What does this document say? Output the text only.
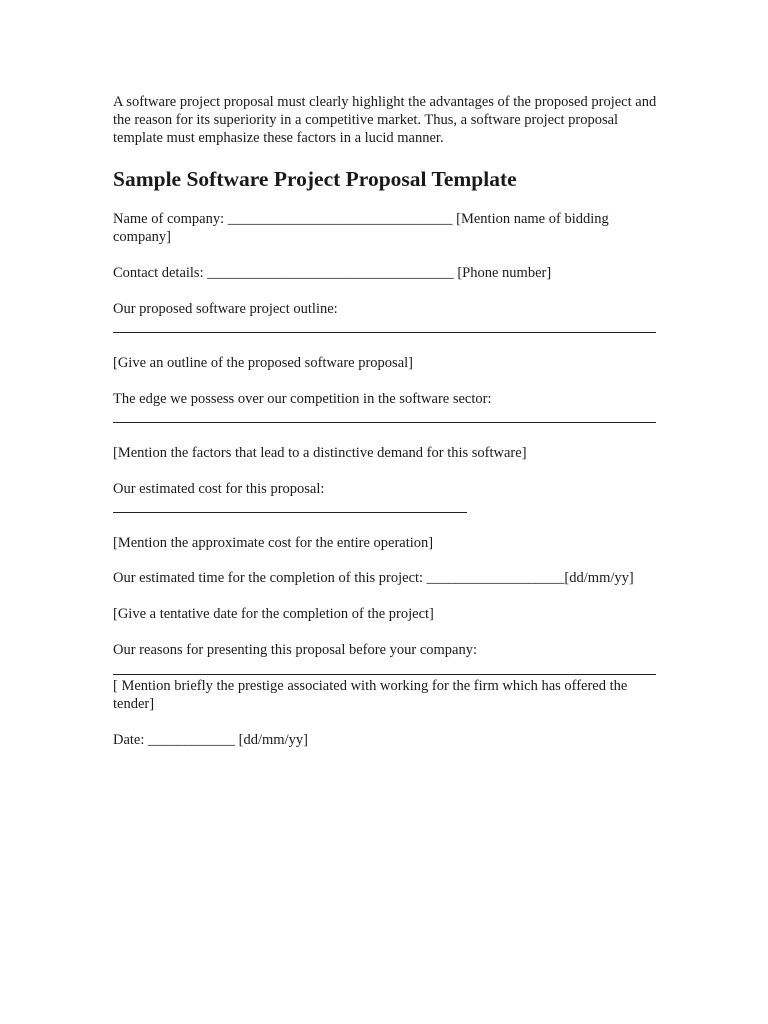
A software project proposal must clearly highlight the advantages of the proposed project and the reason for its superiority in a competitive market. Thus, a software project proposal template must emphasize these factors in a lucid manner.

Sample Software Project Proposal Template
Name of company: _______________________________ [Mention name of bidding company]
Contact details: __________________________________ [Phone number]
Our proposed software project outline:
[Give an outline of the proposed software proposal]
The edge we possess over our competition in the software sector:
[Mention the factors that lead to a distinctive demand for this software]
Our estimated cost for this proposal:
[Mention the approximate cost for the entire operation]
Our estimated time for the completion of this project: ___________________[dd/mm/yy]
[Give a tentative date for the completion of the project]
Our reasons for presenting this proposal before your company:
[ Mention briefly the prestige associated with working for the firm which has offered the tender]
Date: ____________ [dd/mm/yy]
